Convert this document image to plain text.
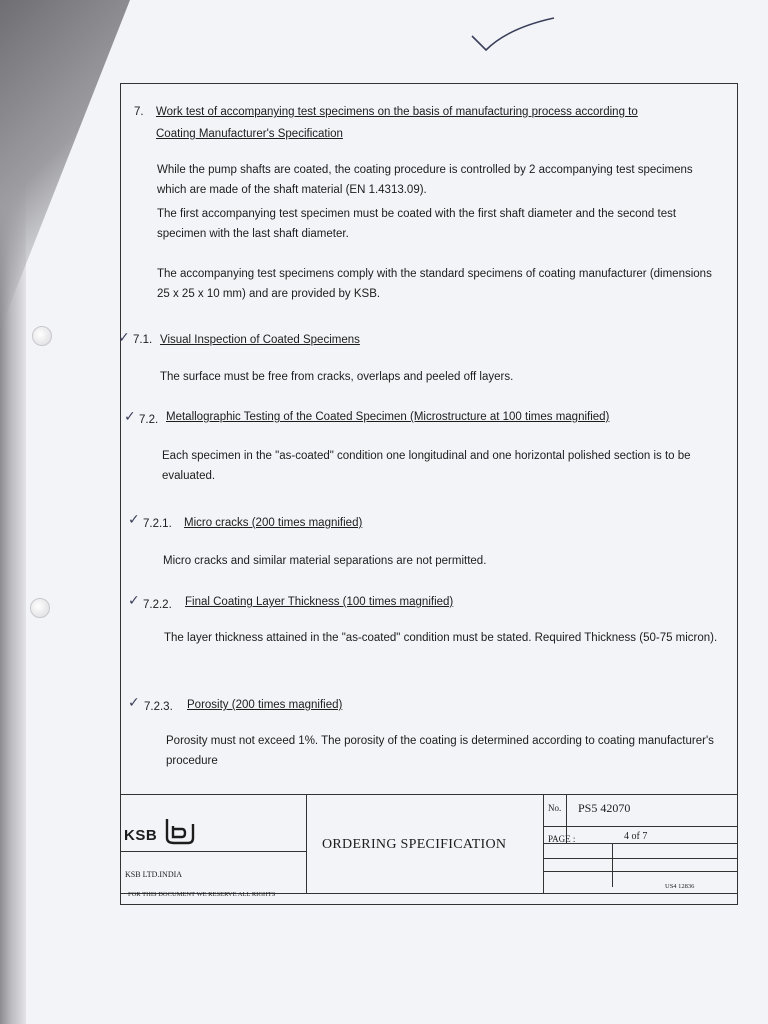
7. Work test of accompanying test specimens on the basis of manufacturing process according to
Coating Manufacturer's Specification
While the pump shafts are coated, the coating procedure is controlled by 2 accompanying test specimens which are made of the shaft material (EN 1.4313.09).
The first accompanying test specimen must be coated with the first shaft diameter and the second test specimen with the last shaft diameter.
The accompanying test specimens comply with the standard specimens of coating manufacturer (dimensions 25 x 25 x 10 mm) and are provided by KSB.
✓ 7.1. Visual Inspection of Coated Specimens
The surface must be free from cracks, overlaps and peeled off layers.
✓ 7.2. Metallographic Testing of the Coated Specimen (Microstructure at 100 times magnified)
Each specimen in the "as-coated" condition one longitudinal and one horizontal polished section is to be evaluated.
✓ 7.2.1. Micro cracks (200 times magnified)
Micro cracks and similar material separations are not permitted.
✓ 7.2.2. Final Coating Layer Thickness (100 times magnified)
The layer thickness attained in the "as-coated" condition must be stated. Required Thickness (50-75 micron).
✓ 7.2.3. Porosity (200 times magnified)
Porosity must not exceed 1%. The porosity of the coating is determined according to coating manufacturer's procedure
KSB
KSB LTD.INDIA
ORDERING SPECIFICATION
No. PS5 42070
PAGE :	4 of 7
FOR THIS DOCUMENT WE RESERVE ALL RIGHTS
US4 12836
